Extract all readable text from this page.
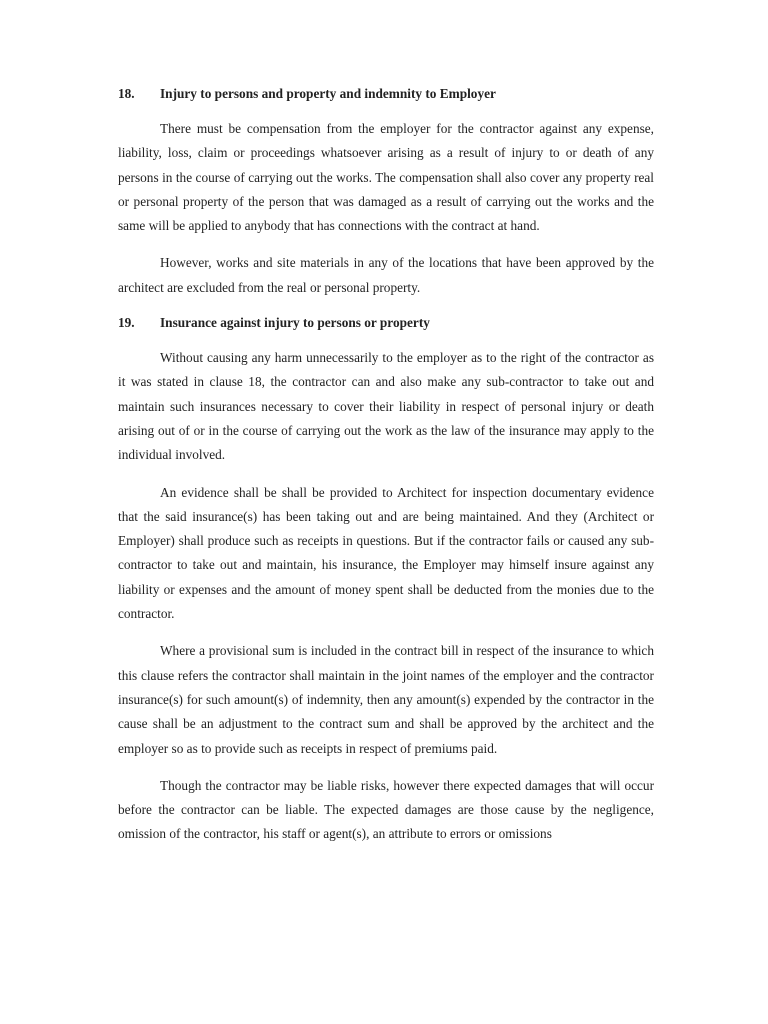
18.	Injury to persons and property and indemnity to Employer

There must be compensation from the employer for the contractor against any expense, liability, loss, claim or proceedings whatsoever arising as a result of injury to or death of any persons in the course of carrying out the works. The compensation shall also cover any property real or personal property of the person that was damaged as a result of carrying out the works and the same will be applied to anybody that has connections with the contract at hand.

However, works and site materials in any of the locations that have been approved by the architect are excluded from the real or personal property.

19.	Insurance against injury to persons or property

Without causing any harm unnecessarily to the employer as to the right of the contractor as it was stated in clause 18, the contractor can and also make any sub-contractor to take out and maintain such insurances necessary to cover their liability in respect of personal injury or death arising out of or in the course of carrying out the work as the law of the insurance may apply to the individual involved.

An evidence shall be shall be provided to Architect for inspection documentary evidence that the said insurance(s) has been taking out and are being maintained. And they (Architect or Employer) shall produce such as receipts in questions. But if the contractor fails or caused any sub-contractor to take out and maintain, his insurance, the Employer may himself insure against any liability or expenses and the amount of money spent shall be deducted from the monies due to the contractor.

Where a provisional sum is included in the contract bill in respect of the insurance to which this clause refers the contractor shall maintain in the joint names of the employer and the contractor insurance(s) for such amount(s) of indemnity, then any amount(s) expended by the contractor in the cause shall be an adjustment to the contract sum and shall be approved by the architect and the employer so as to provide such as receipts in respect of premiums paid.

Though the contractor may be liable risks, however there expected damages that will occur before the contractor can be liable. The expected damages are those cause by the negligence, omission of the contractor, his staff or agent(s), an attribute to errors or omissions
